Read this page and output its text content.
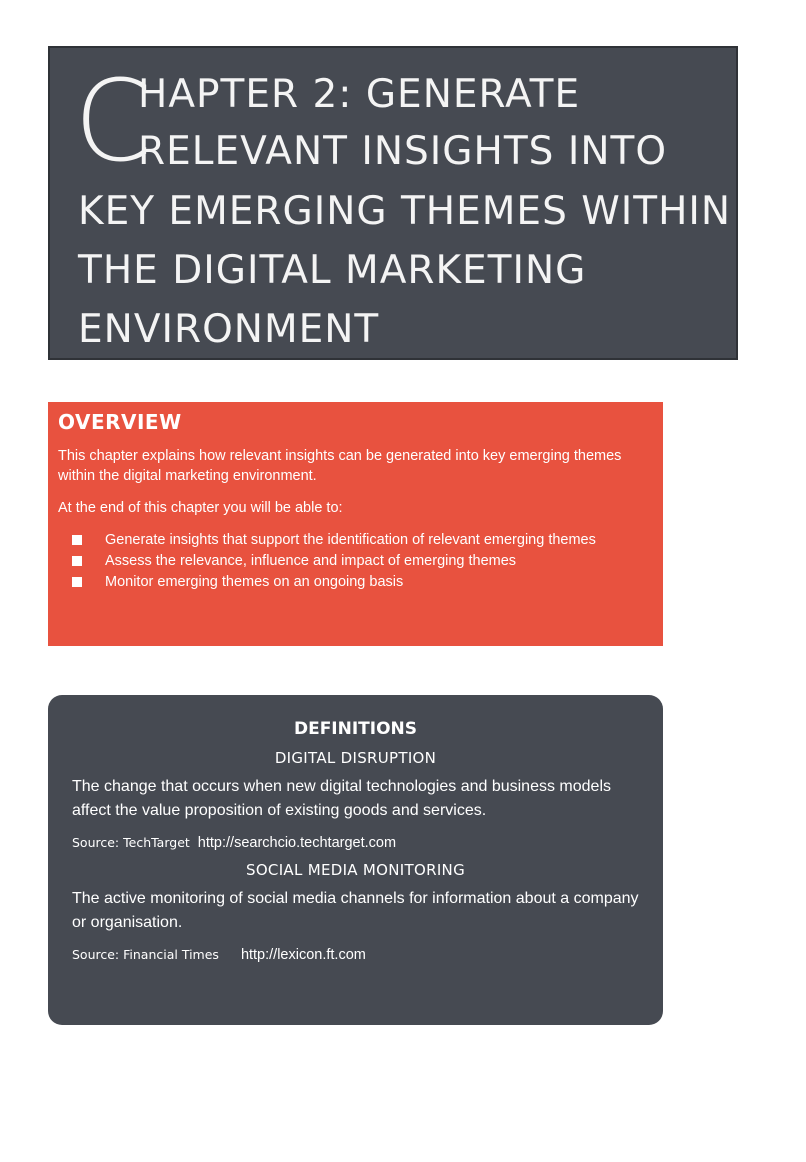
C
HAPTER 2: GENERATE
RELEVANT INSIGHTS INTO
KEY EMERGING THEMES WITHIN
THE DIGITAL MARKETING
ENVIRONMENT
OVERVIEW

This chapter explains how relevant insights can be generated into key emerging themes within the digital marketing environment.

At the end of this chapter you will be able to:

Generate insights that support the identification of relevant emerging themes
Assess the relevance, influence and impact of emerging themes
Monitor emerging themes on an ongoing basis
DEFINITIONS
DIGITAL DISRUPTION

The change that occurs when new digital technologies and business models affect the value proposition of existing goods and services.

Source: TechTarget http://searchcio.techtarget.com

SOCIAL MEDIA MONITORING

The active monitoring of social media channels for information about a company or organisation.

Source: Financial Times http://lexicon.ft.com
